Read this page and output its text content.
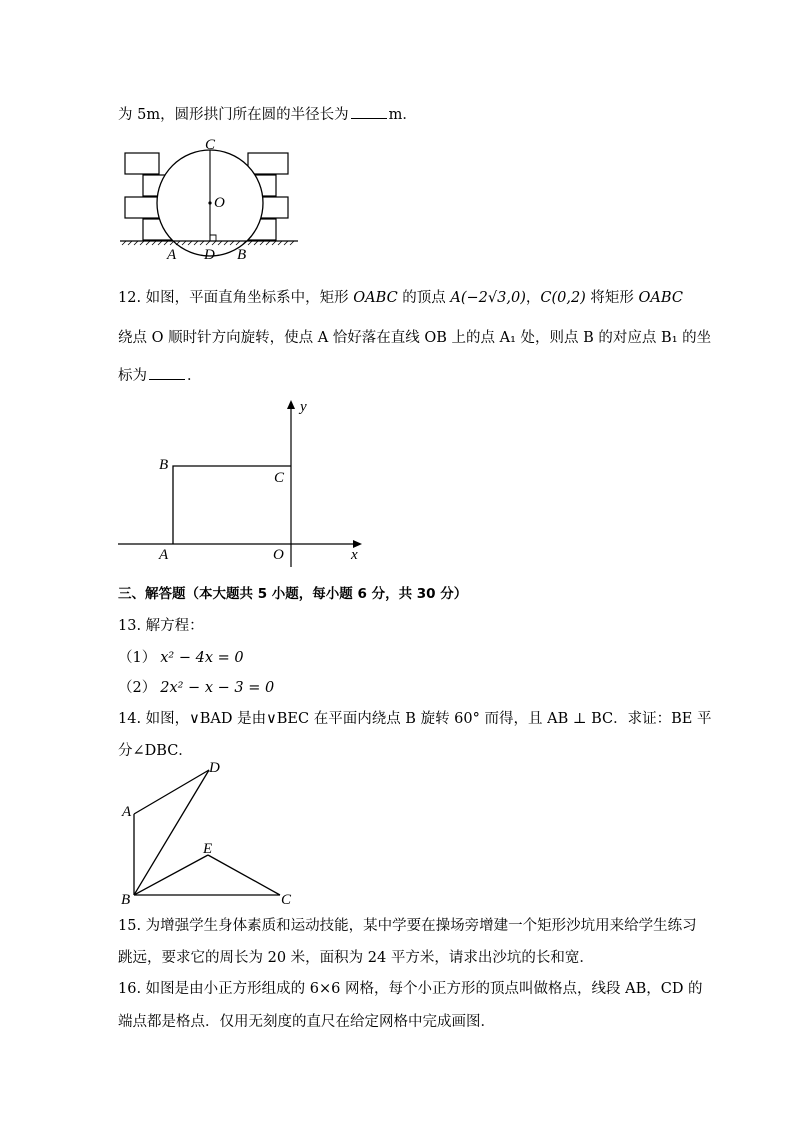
为 5m，圆形拱门所在圆的半径长为	m．
C
O
A D B
12. 如图，平面直角坐标系中，矩形 OABC 的顶点 A(−2√3,0)，C(0,2) 将矩形 OABC
绕点 O 顺时针方向旋转，使点 A 恰好落在直线 OB 上的点 A₁ 处，则点 B 的对应点 B₁ 的坐
标为	．
y
B
C
A	O	x
三、解答题（本大题共 5 小题，每小题 6 分，共 30 分）
13. 解方程：
（1） x² − 4x = 0
（2） 2x² − x − 3 = 0
14. 如图，∨BAD 是由∨BEC 在平面内绕点 B 旋转 60° 而得，且 AB ⊥ BC．求证：BE 平
分∠DBC．
D
A
E
B	C
15. 为增强学生身体素质和运动技能，某中学要在操场旁增建一个矩形沙坑用来给学生练习
跳远，要求它的周长为 20 米，面积为 24 平方米，请求出沙坑的长和宽．
16. 如图是由小正方形组成的 6×6 网格，每个小正方形的顶点叫做格点，线段 AB，CD 的
端点都是格点．仅用无刻度的直尺在给定网格中完成画图．
